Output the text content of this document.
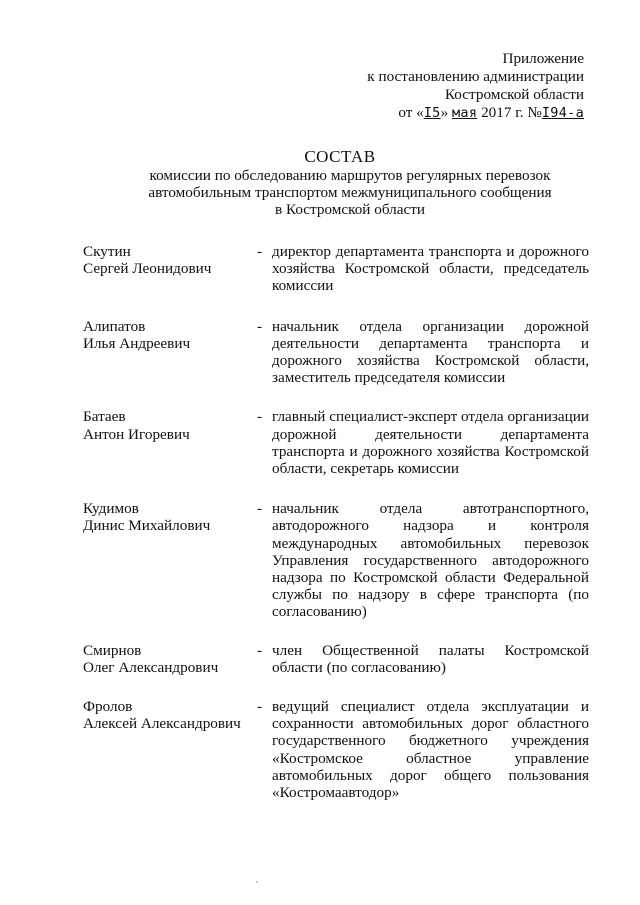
Приложение
к постановлению администрации
Костромской области
от «I5» мая 2017 г. №I94-а
СОСТАВ
комиссии по обследованию маршрутов регулярных перевозок
автомобильным транспортом межмуниципального сообщения
в Костромской области
Скутин
Сергей Леонидович
- директор департамента транспорта и дорожного хозяйства Костромской области, председатель комиссии
Алипатов
Илья Андреевич
- начальник отдела организации дорожной деятельности департамента транспорта и дорожного хозяйства Костромской области, заместитель председателя комиссии
Батаев
Антон Игоревич
- главный специалист-эксперт отдела организации дорожной деятельности департамента транспорта и дорожного хозяйства Костромской области, секретарь комиссии
Кудимов
Динис Михайлович
- начальник отдела автотранспортного, автодорожного надзора и контроля международных автомобильных перевозок Управления государственного автодорожного надзора по Костромской области Федеральной службы по надзору в сфере транспорта (по согласованию)
Смирнов
Олег Александрович
- член Общественной палаты Костромской области (по согласованию)
Фролов
Алексей Александрович
- ведущий специалист отдела эксплуатации и сохранности автомобильных дорог областного государственного бюджетного учреждения «Костромское областное управление автомобильных дорог общего пользования «Костромаавтодор»
